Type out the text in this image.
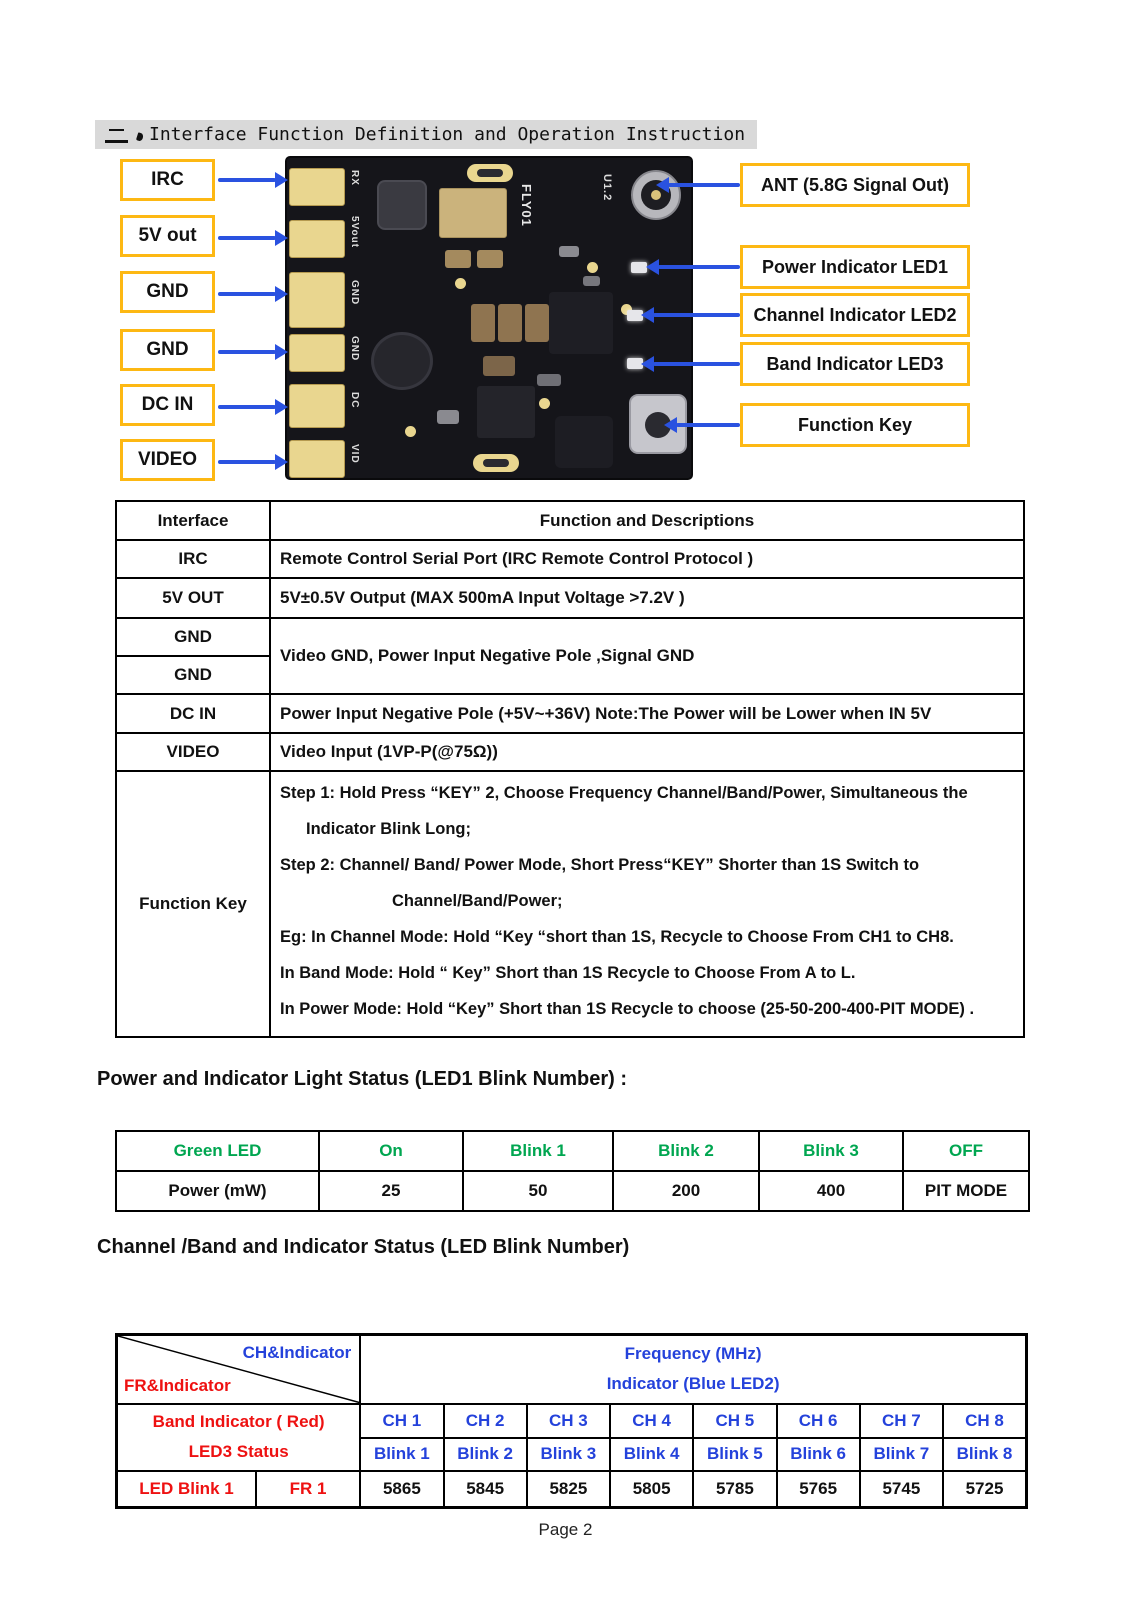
Interface Function Definition and Operation Instruction
RX
5Vout
GND
GND
DC
VID
FLY01	U1.2
IRC
5V out
GND
GND
DC IN
VIDEO
ANT (5.8G Signal Out)
Power Indicator LED1
Channel Indicator LED2
Band Indicator LED3
Function Key
Interface	Function and Descriptions
IRC	Remote Control Serial Port (IRC Remote Control Protocol )
5V OUT	5V±0.5V Output (MAX 500mA Input Voltage >7.2V )
GND	Video GND, Power Input Negative Pole ,Signal GND
GND	
DC IN	Power Input Negative Pole (+5V~+36V) Note:The Power will be Lower when IN 5V
VIDEO	Video Input (1VP-P(@75Ω))
Function Key	
Step 1: Hold Press “KEY” 2, Choose Frequency Channel/Band/Power, Simultaneous the
Indicator Blink Long;
Step 2: Channel/ Band/ Power Mode, Short Press“KEY” Shorter than 1S Switch to
Channel/Band/Power;
Eg: In Channel Mode: Hold “Key “short than 1S, Recycle to Choose From CH1 to CH8.
In Band Mode: Hold “ Key” Short than 1S Recycle to Choose From A to L.
In Power Mode: Hold “Key” Short than 1S Recycle to choose (25-50-200-400-PIT MODE) .
Power and Indicator Light Status (LED1 Blink Number) :
Green LED	On	Blink 1	Blink 2	Blink 3	OFF
Power (mW)	25	50	200	400	PIT MODE
Channel /Band and Indicator Status (LED Blink Number)
CH&Indicator
FR&Indicator

Frequency (MHz)
Indicator (Blue LED2)

Band Indicator ( Red)
LED3 Status		CH 1	CH 2	CH 3	CH 4	CH 5	CH 6	CH 7	CH 8
		Blink 1	Blink 2	Blink 3	Blink 4	Blink 5	Blink 6	Blink 7	Blink 8
LED Blink 1	FR 1	5865	5845	5825	5805	5785	5765	5745	5725
Page 2
